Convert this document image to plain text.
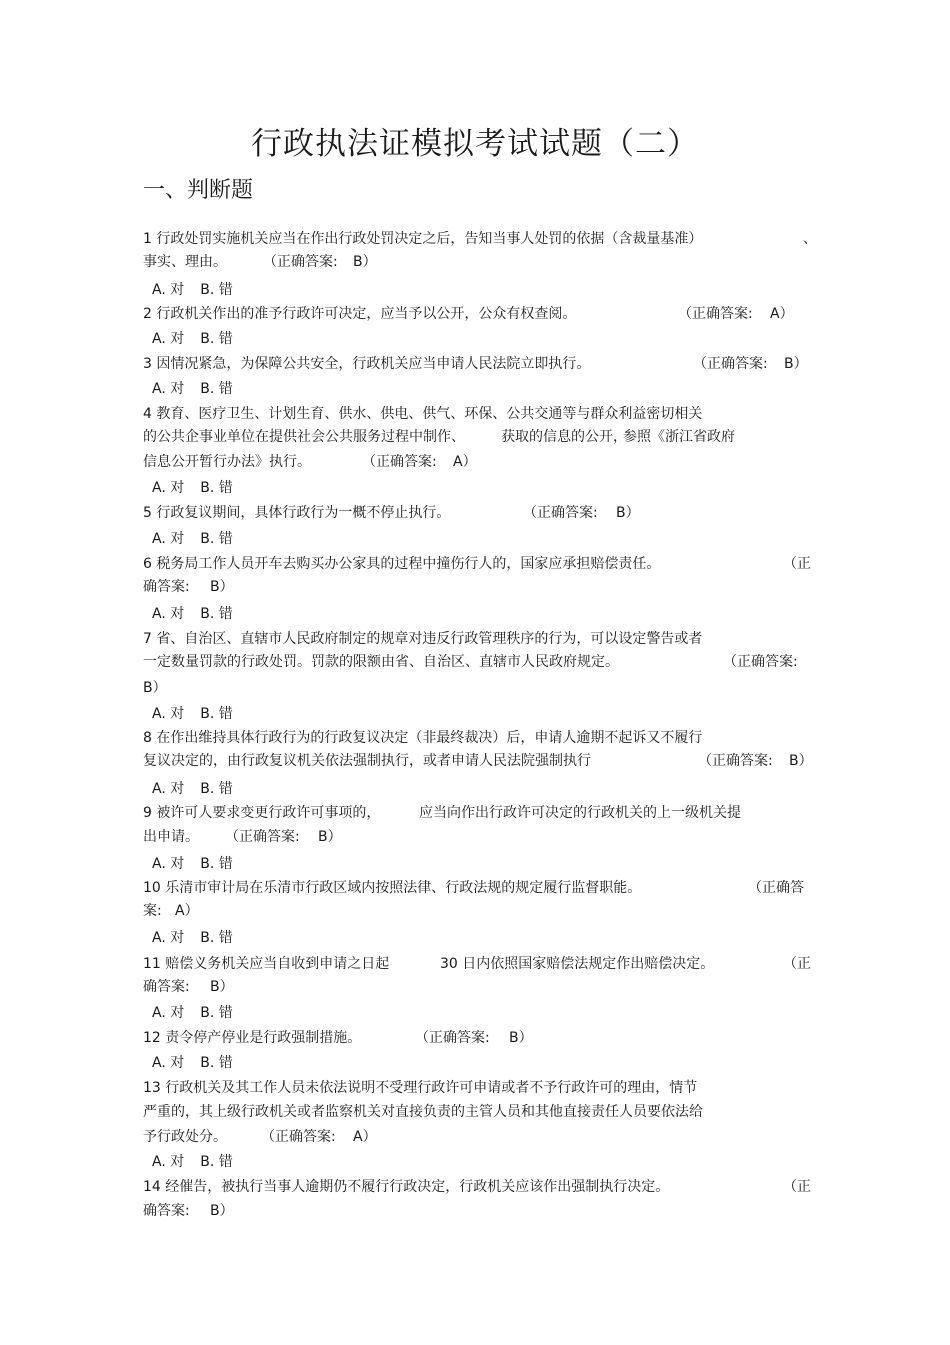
行政执法证模拟考试试题（二）
一、判断题
1 行政处罚实施机关应当在作出行政处罚决定之后，告知当事人处罚的依据（含裁量基准）	、
事实、理由。	（正确答案: B）
A. 对 B. 错
2 行政机关作出的准予行政许可决定，应当予以公开，公众有权查阅。	（正确答案: A）
A. 对 B. 错
3 因情况紧急，为保障公共安全，行政机关应当申请人民法院立即执行。	（正确答案: B）
A. 对 B. 错
4 教育、医疗卫生、计划生育、供水、供电、供气、环保、公共交通等与群众利益密切相关
的公共企事业单位在提供社会公共服务过程中制作、	获取的信息的公开，
参照《浙江省政府
信息公开暂行办法》执行。	（正确答案: A）
A. 对 B. 错
5 行政复议期间，具体行政行为一概不停止执行。	（正确答案: B）
A. 对 B. 错
6 税务局工作人员开车去购买办公家具的过程中撞伤行人的，国家应承担赔偿责任。	（正
确答案: B）
A. 对 B. 错
7 省、自治区、直辖市人民政府制定的规章对违反行政管理秩序的行为，可以设定警告或者
一定数量罚款的行政处罚。罚款的限额由省、自治区、直辖市人民政府规定。	（正确答案:
B）
A. 对 B. 错
8 在作出维持具体行政行为的行政复议决定（非最终裁决）后，申请人逾期不起诉又不履行
复议决定的，由行政复议机关依法强制执行，或者申请人民法院强制执行	（正确答案: B）
A. 对 B. 错
9 被许可人要求变更行政许可事项的，	应当向作出行政许可决定的行政机关的上一级机关提
出申请。 （正确答案: B）
A. 对 B. 错
10 乐清市审计局在乐清市行政区域内按照法律、行政法规的规定履行监督职能。	（正确答
案: A）
A. 对 B. 错
11 赔偿义务机关应当自收到申请之日起	30 日内依照国家赔偿法规定作出赔偿决定。	（正
确答案: B）
A. 对 B. 错
12 责令停产停业是行政强制措施。	（正确答案: B）
A. 对 B. 错
13 行政机关及其工作人员未依法说明不受理行政许可申请或者不予行政许可的理由，情节
严重的，其上级行政机关或者监察机关对直接负责的主管人员和其他直接责任人员要依法给
予行政处分。 （正确答案: A）
A. 对 B. 错
14 经催告，被执行当事人逾期仍不履行行政决定，行政机关应该作出强制执行决定。	（正
确答案: B）
